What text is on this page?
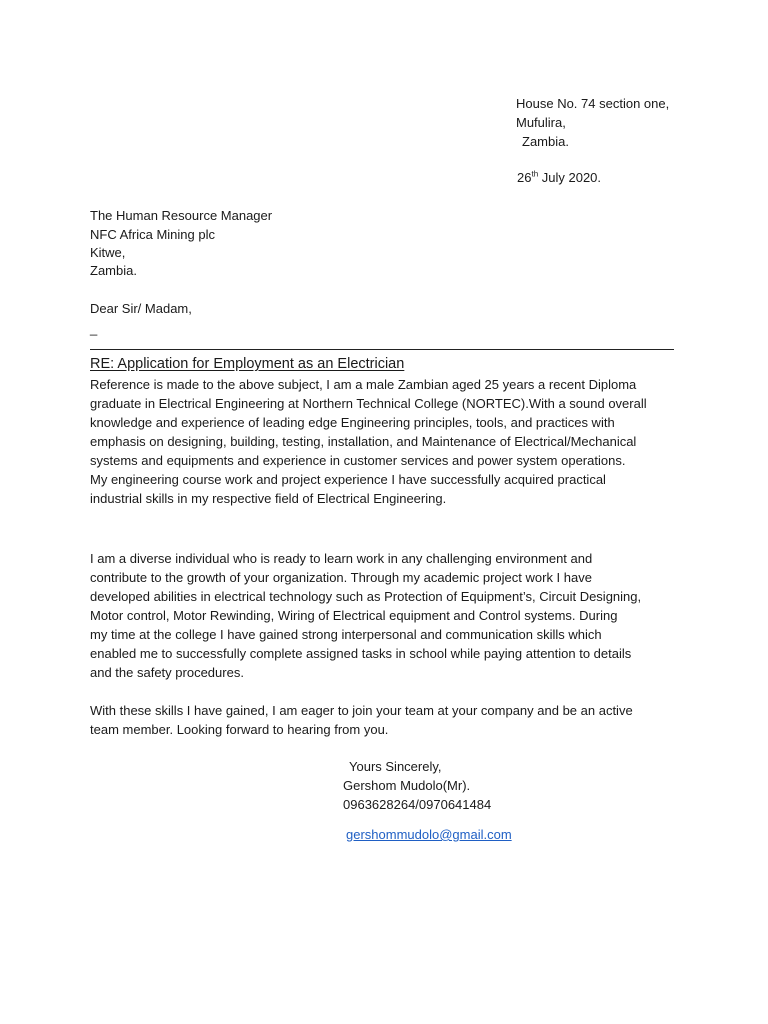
House No. 74 section one,
Mufulira,
Zambia.
26th July 2020.
The Human Resource Manager
NFC Africa Mining plc
Kitwe,
Zambia.
Dear Sir/ Madam,
_
RE: Application for Employment as an Electrician
Reference is made to the above subject, I am a male Zambian aged 25 years a recent Diploma
graduate in Electrical Engineering at Northern Technical College (NORTEC).With a sound overall
knowledge and experience of leading edge Engineering principles, tools, and practices with
emphasis on designing, building, testing, installation, and Maintenance of Electrical/Mechanical
systems and equipments and experience in customer services and power system operations.
My engineering course work and project experience I have successfully acquired practical
industrial skills in my respective field of Electrical Engineering.
I am a diverse individual who is ready to learn work in any challenging environment and
contribute to the growth of your organization. Through my academic project work I have
developed abilities in electrical technology such as Protection of Equipment’s, Circuit Designing,
Motor control, Motor Rewinding, Wiring of Electrical equipment and Control systems. During
my time at the college I have gained strong interpersonal and communication skills which
enabled me to successfully complete assigned tasks in school while paying attention to details
and the safety procedures.
With these skills I have gained, I am eager to join your team at your company and be an active
team member. Looking forward to hearing from you.
Yours Sincerely,
Gershom Mudolo(Mr).
0963628264/0970641484
gershommudolo@gmail.com
